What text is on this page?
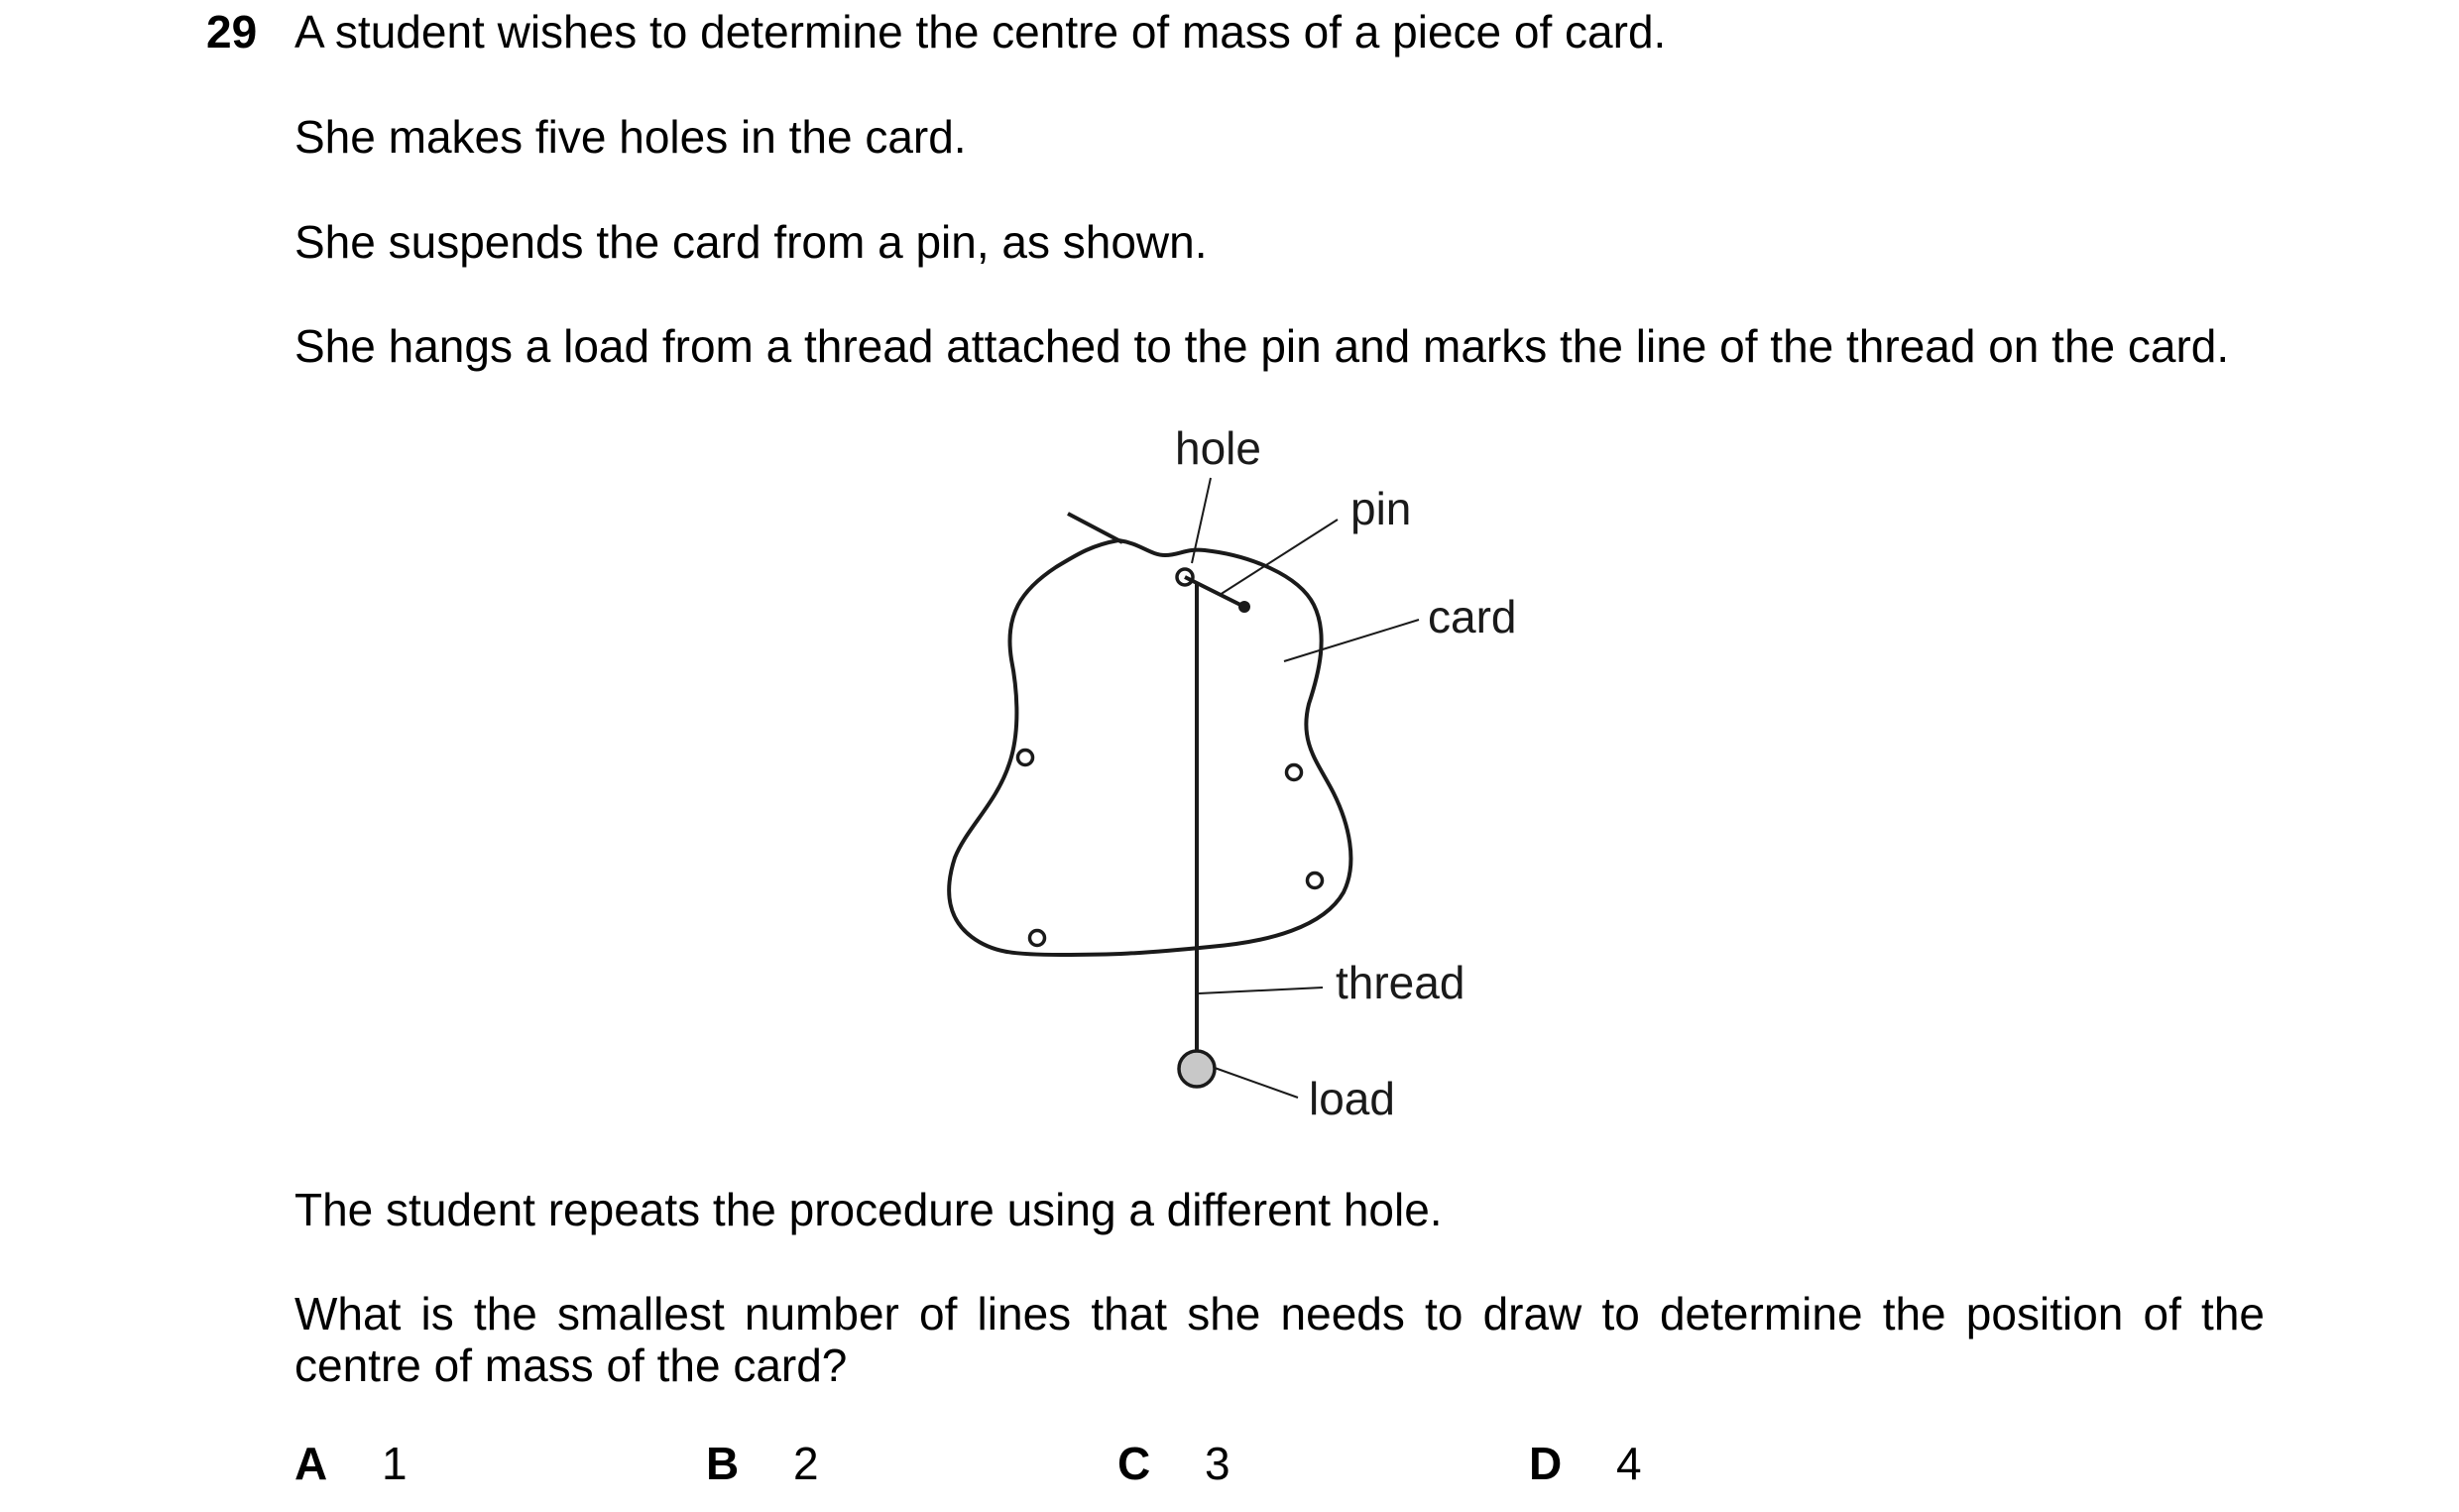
29 A student wishes to determine the centre of mass of a piece of card.
She makes five holes in the card.
She suspends the card from a pin, as shown.
She hangs a load from a thread attached to the pin and marks the line of the thread on the card.
hole
pin
card
thread
load
The student repeats the procedure using a different hole.
What is the smallest number of lines that she needs to draw to determine the position of the centre of mass of the card?
A 1	B 2	C 3	D 4
